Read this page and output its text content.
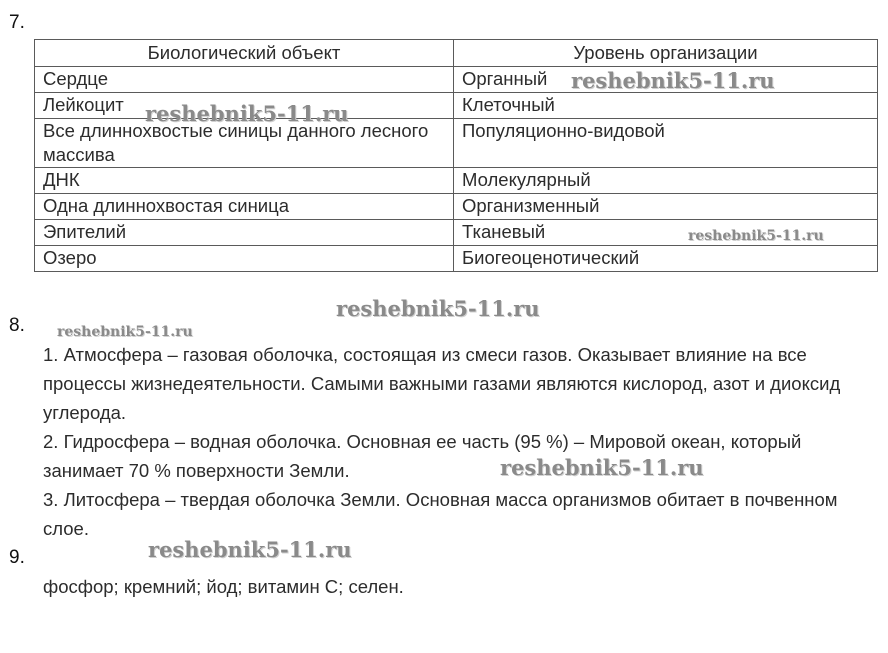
7.
Биологический объект	Уровень организации
Сердце	Органный
Лейкоцит	Клеточный
Все длиннохвостые синицы данного лесного массива	Популяционно-видовой
ДНК	Молекулярный
Одна длиннохвостая синица	Организменный
Эпителий	Тканевый
Озеро	Биогеоценотический
8.

1. Атмосфера – газовая оболочка, состоящая из смеси газов. Оказывает влияние на все процессы жизнедеятельности. Самыми важными газами являются кислород, азот и диоксид углерода.

2. Гидросфера – водная оболочка. Основная ее часть (95 %) – Мировой океан, который занимает 70 % поверхности Земли.

3. Литосфера – твердая оболочка Земли. Основная масса организмов обитает в почвенном слое.

9.
фосфор; кремний; йод; витамин С; селен.
reshebnik5-11.ru
reshebnik5-11.ru
reshebnik5-11.ru
reshebnik5-11.ru
reshebnik5-11.ru
reshebnik5-11.ru
reshebnik5-11.ru
